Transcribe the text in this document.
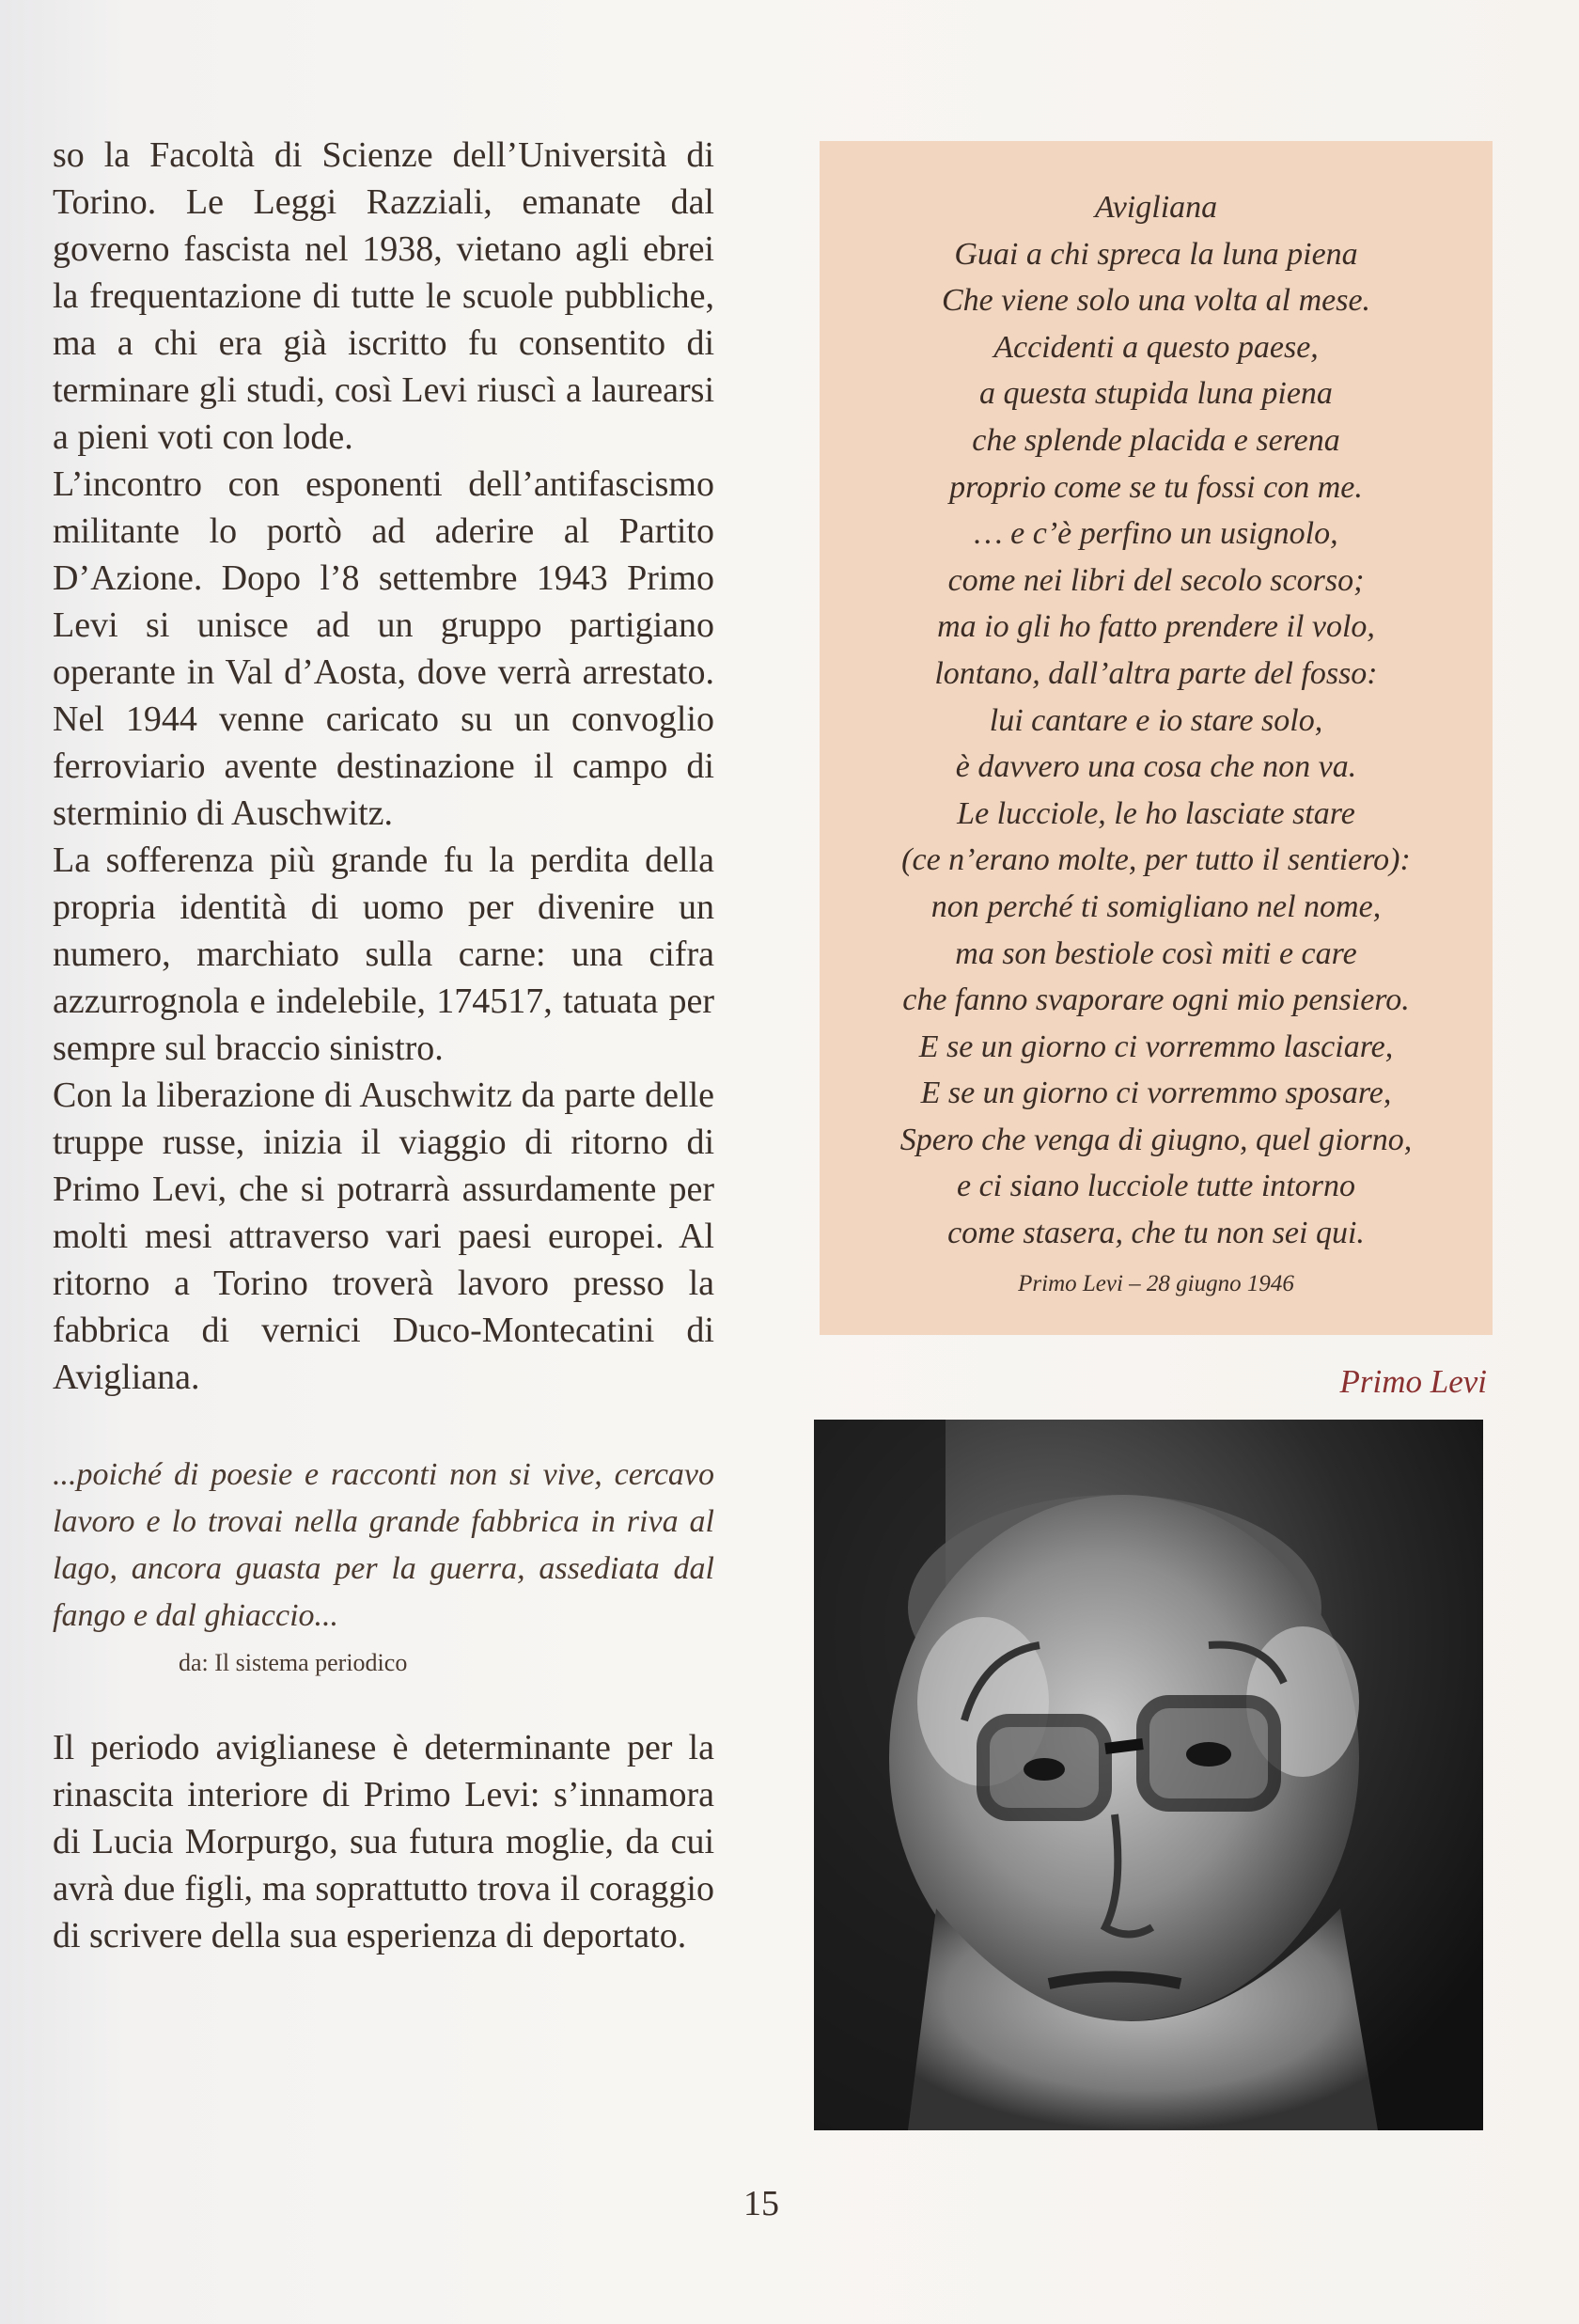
so la Facoltà di Scienze dell’Università di Torino. Le Leggi Razziali, emanate dal governo fascista nel 1938, vietano agli ebrei la frequentazione di tutte le scuole pubbliche, ma a chi era già iscritto fu consentito di terminare gli studi, così Levi riuscì a laurearsi a pieni voti con lode.

L’incontro con esponenti dell’antifascismo militante lo portò ad aderire al Partito D’Azione. Dopo l’8 settembre 1943 Primo Levi si unisce ad un gruppo partigiano operante in Val d’Aosta, dove verrà arrestato. Nel 1944 venne caricato su un convoglio ferroviario avente destinazione il campo di sterminio di Auschwitz.

La sofferenza più grande fu la perdita della propria identità di uomo per divenire un numero, marchiato sulla carne: una cifra azzurrognola e indelebile, 174517, tatuata per sempre sul braccio sinistro.

Con la liberazione di Auschwitz da parte delle truppe russe, inizia il viaggio di ritorno di Primo Levi, che si potrarrà assurdamente per molti mesi attraverso vari paesi europei. Al ritorno a Torino troverà lavoro presso la fabbrica di vernici Duco-Montecatini di Avigliana.

...poiché di poesie e racconti non si vive, cercavo lavoro e lo trovai nella grande fabbrica in riva al lago, ancora guasta per la guerra, assediata dal fango e dal ghiaccio...

da: Il sistema periodico

Il periodo aviglianese è determinante per la rinascita interiore di Primo Levi: s’innamora di Lucia Morpurgo, sua futura moglie, da cui avrà due figli, ma soprattutto trova il coraggio di scrivere della sua esperienza di deportato.

Avigliana
Guai a chi spreca la luna piena
Che viene solo una volta al mese.
Accidenti a questo paese,
a questa stupida luna piena
che splende placida e serena
proprio come se tu fossi con me.
… e c’è perfino un usignolo,
come nei libri del secolo scorso;
ma io gli ho fatto prendere il volo,
lontano, dall’altra parte del fosso:
lui cantare e io stare solo,
è davvero una cosa che non va.
Le lucciole, le ho lasciate stare
(ce n’erano molte, per tutto il sentiero):
non perché ti somigliano nel nome,
ma son bestiole così miti e care
che fanno svaporare ogni mio pensiero.
E se un giorno ci vorremmo lasciare,
E se un giorno ci vorremmo sposare,
Spero che venga di giugno, quel giorno,
e ci siano lucciole tutte intorno
come stasera, che tu non sei qui.
Primo Levi – 28 giugno 1946
Primo Levi
15
